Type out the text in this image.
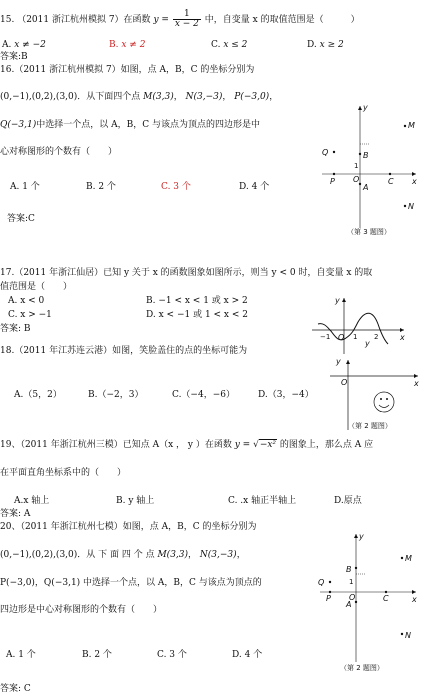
15. （2011 浙江杭州模拟 7）在函数 $y = \frac{1}{x - 2}$ 中，自变量 x 的取值范围是（　　　）
A. x ≠ −2	B. x ≠ 2	C. x ≤ 2	D. x ≥ 2
答案:B
16.（2011 浙江杭州模拟 7）如图，点 A，B，C 的坐标分别为
(0,−1),(0,2),(3,0)．从下面四个点 M(3,3)， N(3,−3)， P(−3,0)，
Q(−3,1)中选择一个点，以 A，B，C 与该点为顶点的四边形是中
心对称图形的个数有（　　）
A. 1 个	B. 2 个	C. 3 个	D. 4 个
答案:C
M
N
Q
P
B
A
C x
y
O
1
（第 3 题图）
17.（2011 年浙江仙居）已知 y 关于 x 的函数图象如图所示，则当 y < 0 时，自变量 x 的取
值范围是（　　）
A. x < 0	B. −1 < x < 1 或 x > 2
C. x > −1	D. x < −1 或 1 < x < 2
答案: B
y
x
O
y
−1	1 2
18.（2011 年江苏连云港）如图，笑脸盖住的点的坐标可能为
A.（5，2）	B.（−2，3）	C.（−4，−6）	D.（3，−4）
y
x
O
（第 2 题图）
19、（2011 年浙江杭州三模）已知点 A（x ， y ）在函数 y = √−x² 的图象上，那么点 A 应
在平面直角坐标系中的（　　）
A.x 轴上	B. y 轴上	C. .x 轴正半轴上	D.原点
答案: A
20、（2011 年浙江杭州七模）如图，点 A，B，C 的坐标分别为
(0,−1),(0,2),(3,0)．从 下 面 四 个 点 M(3,3)， N(3,−3)，
P(−3,0)，Q(−3,1) 中选择一个点，以 A，B，C 与该点为顶点的
四边形是中心对称图形的个数有（　　）
A. 1 个	B. 2 个	C. 3 个	D. 4 个
答案: C
M
N
Q
P
B
A
C	x
y
O
1
（第 2 题图）
